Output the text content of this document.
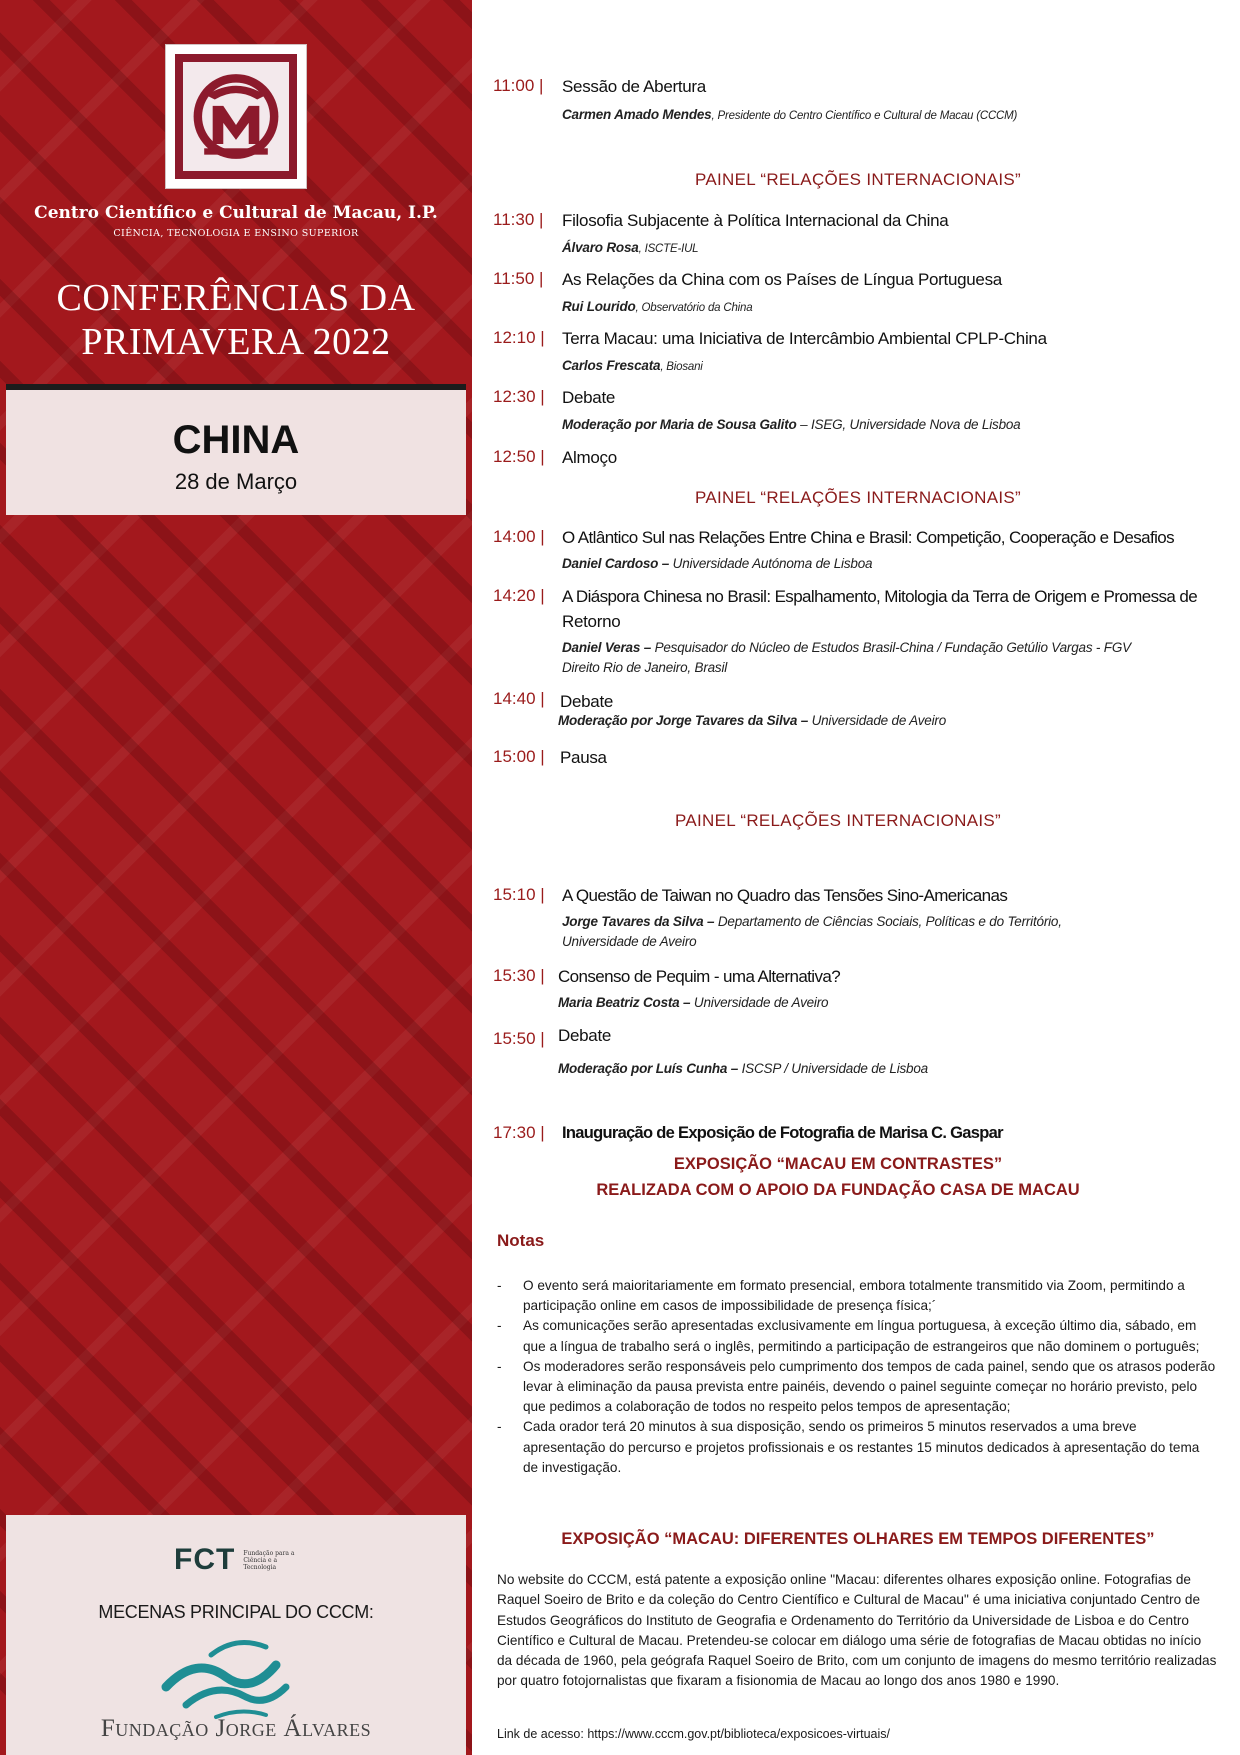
Centro Científico e Cultural de Macau, I.P.
CIÊNCIA, TECNOLOGIA E ENSINO SUPERIOR
CONFERÊNCIAS DA
PRIMAVERA 2022
CHINA
28 de Março
FCT Fundação para a Ciência e a Tecnologia
MECENAS PRINCIPAL DO CCCM:
Fundação Jorge Álvares
11:00 | Sessão de Abertura
Carmen Amado Mendes, Presidente do Centro Científico e Cultural de Macau (CCCM)
PAINEL “RELAÇÕES INTERNACIONAIS”
11:30 | Filosofia Subjacente à Política Internacional da China
Álvaro Rosa, ISCTE-IUL
11:50 | As Relações da China com os Países de Língua Portuguesa
Rui Lourido, Observatório da China
12:10 | Terra Macau: uma Iniciativa de Intercâmbio Ambiental CPLP-China
Carlos Frescata, Biosani
12:30 | Debate
Moderação por Maria de Sousa Galito – ISEG, Universidade Nova de Lisboa
12:50 | Almoço
PAINEL “RELAÇÕES INTERNACIONAIS”
14:00 | O Atlântico Sul nas Relações Entre China e Brasil: Competição, Cooperação e Desafios
Daniel Cardoso – Universidade Autónoma de Lisboa
14:20 | A Diáspora Chinesa no Brasil: Espalhamento, Mitologia da Terra de Origem e Promessa de
Retorno
Daniel Veras – Pesquisador do Núcleo de Estudos Brasil-China / Fundação Getúlio Vargas - FGV
Direito Rio de Janeiro, Brasil
14:40 | Debate
Moderação por Jorge Tavares da Silva – Universidade de Aveiro
15:00 | Pausa
PAINEL “RELAÇÕES INTERNACIONAIS”
15:10 | A Questão de Taiwan no Quadro das Tensões Sino-Americanas
Jorge Tavares da Silva – Departamento de Ciências Sociais, Políticas e do Território,
Universidade de Aveiro
15:30 | Consenso de Pequim - uma Alternativa?
Maria Beatriz Costa – Universidade de Aveiro
15:50 | Debate
Moderação por Luís Cunha – ISCSP / Universidade de Lisboa
17:30 | Inauguração de Exposição de Fotografia de Marisa C. Gaspar
EXPOSIÇÃO “MACAU EM CONTRASTES”
REALIZADA COM O APOIO DA FUNDAÇÃO CASA DE MACAU
Notas
- O evento será maioritariamente em formato presencial, embora totalmente transmitido via Zoom, permitindo a participação online em casos de impossibilidade de presença física;´
- As comunicações serão apresentadas exclusivamente em língua portuguesa, à exceção último dia, sábado, em que a língua de trabalho será o inglês, permitindo a participação de estrangeiros que não dominem o português;
- Os moderadores serão responsáveis pelo cumprimento dos tempos de cada painel, sendo que os atrasos poderão levar à eliminação da pausa prevista entre painéis, devendo o painel seguinte começar no horário previsto, pelo que pedimos a colaboração de todos no respeito pelos tempos de apresentação;
- Cada orador terá 20 minutos à sua disposição, sendo os primeiros 5 minutos reservados a uma breve apresentação do percurso e projetos profissionais e os restantes 15 minutos dedicados à apresentação do tema de investigação.
EXPOSIÇÃO “MACAU: DIFERENTES OLHARES EM TEMPOS DIFERENTES”
No website do CCCM, está patente a exposição online "Macau: diferentes olhares exposição online. Fotografias de Raquel Soeiro de Brito e da coleção do Centro Científico e Cultural de Macau" é uma iniciativa conjuntado Centro de Estudos Geográficos do Instituto de Geografia e Ordenamento do Território da Universidade de Lisboa e do Centro Científico e Cultural de Macau. Pretendeu-se colocar em diálogo uma série de fotografias de Macau obtidas no início da década de 1960, pela geógrafa Raquel Soeiro de Brito, com um conjunto de imagens do mesmo território realizadas por quatro fotojornalistas que fixaram a fisionomia de Macau ao longo dos anos 1980 e 1990.
Link de acesso: https://www.cccm.gov.pt/biblioteca/exposicoes-virtuais/
